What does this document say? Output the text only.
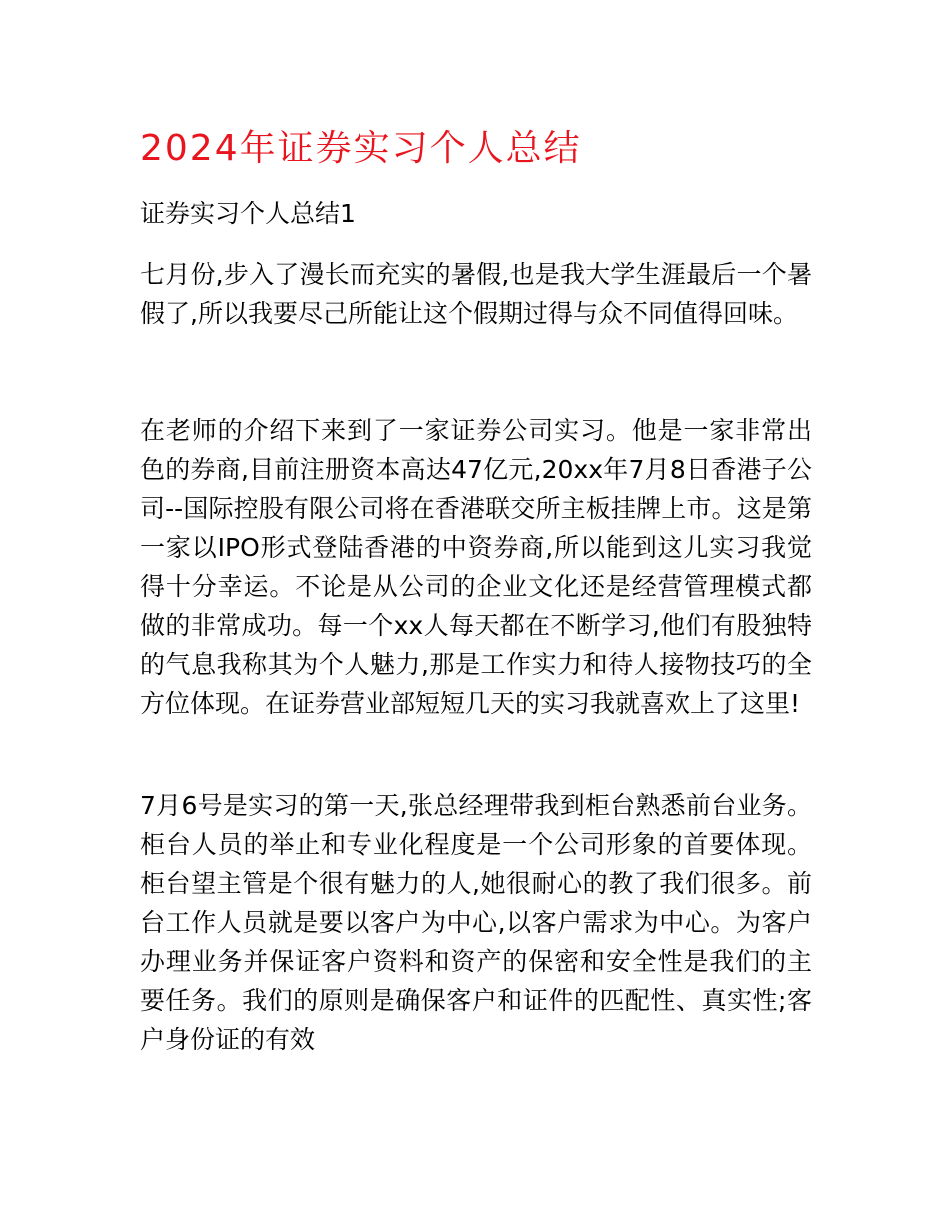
2024年证券实习个人总结

证券实习个人总结1

七月份,步入了漫长而充实的暑假,也是我大学生涯最后一个暑假了,所以我要尽己所能让这个假期过得与众不同值得回味。

在老师的介绍下来到了一家证券公司实习。他是一家非常出色的券商,目前注册资本高达47亿元,20xx年7月8日香港子公司--国际控股有限公司将在香港联交所主板挂牌上市。这是第一家以IPO形式登陆香港的中资券商,所以能到这儿实习我觉得十分幸运。不论是从公司的企业文化还是经营管理模式都做的非常成功。每一个xx人每天都在不断学习,他们有股独特的气息我称其为个人魅力,那是工作实力和待人接物技巧的全方位体现。在证券营业部短短几天的实习我就喜欢上了这里!

7月6号是实习的第一天,张总经理带我到柜台熟悉前台业务。柜台人员的举止和专业化程度是一个公司形象的首要体现。柜台望主管是个很有魅力的人,她很耐心的教了我们很多。前台工作人员就是要以客户为中心,以客户需求为中心。为客户办理业务并保证客户资料和资产的保密和安全性是我们的主要任务。我们的原则是确保客户和证件的匹配性、真实性;客户身份证的有效
